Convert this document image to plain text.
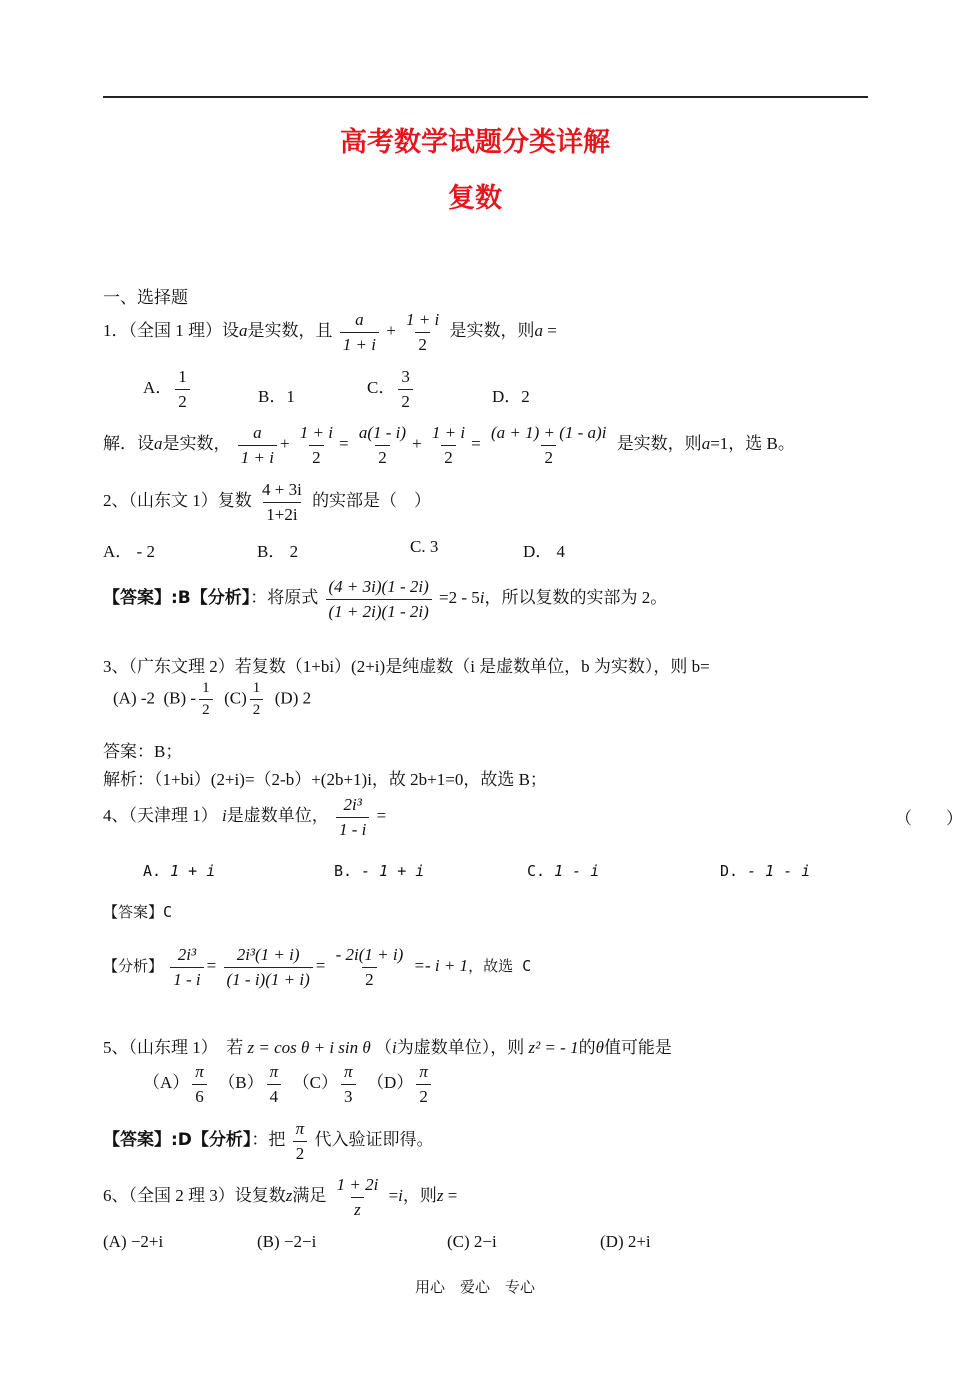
高考数学试题分类详解
复数
一、选择题
1．（全国 1 理）设a是实数，且 $\frac{a}{1 + i} + \frac{1 + i}{2}$ 是实数，则a =
A． $\frac{1}{2}$	B．1	C． $\frac{3}{2}$	D．2
解．设a是实数， $\frac{a}{1 + i} + \frac{1 + i}{2} = \frac{a(1 - i)}{2} + \frac{1 + i}{2} = \frac{(a + 1) + (1 - a)i}{2}$ 是实数，则a=1，选 B。
2、（山东文 1）复数 $\frac{4 + 3i}{1+2i}$ 的实部是（　）
A． - 2	B． 2	C. 3	D． 4
【答案】:B【分析】：将原式 $\frac{(4 + 3i)(1 - 2i)}{(1 + 2i)(1 - 2i)} =2 - 5i$，所以复数的实部为 2。
3、（广东文理 2）若复数（1+bi）(2+i)是纯虚数（i 是虚数单位，b 为实数），则 b=
(A) -2 $(B) - \frac{1}{2} (C) \frac{1}{2} (D)$ 2
答案：B；
解析：（1+bi）(2+i)=（2-b）+(2b+1)i，故 2b+1=0，故选 B；
4、（天津理 1） i是虚数单位， $\frac{\text{2i³}}{1 - i}$ =	（　　）
A. 1 + i	B. - 1 + i	C. 1 - i	D. - 1 - i
【答案】C
【分析】 $\frac{\text{2i³}}{1 - i} = \frac{\text{2i³(1 + i)}}{(1 - i)(1 + i)} = \frac{- 2i(1 + i)}{2} =- i + 1$，故选 C
5、（山东理 1）　若 z = cos θ + i sin θ （i为虚数单位），则 z² = - 1的θ值可能是
$(A) \frac{\pi}{6} (B) \frac{\pi}{4} (C) \frac{\pi}{3} (D) \frac{\pi}{2}$
【答案】:D【分析】：把 $\frac{\pi}{2}$ 代入验证即得。
6、（全国 2 理 3）设复数z满足 $\frac{1 + 2i}{z} =i$，则z =
(A) −2+i	(B) −2−i	(C) 2−i	(D) 2+i
用心　爱心　专心
